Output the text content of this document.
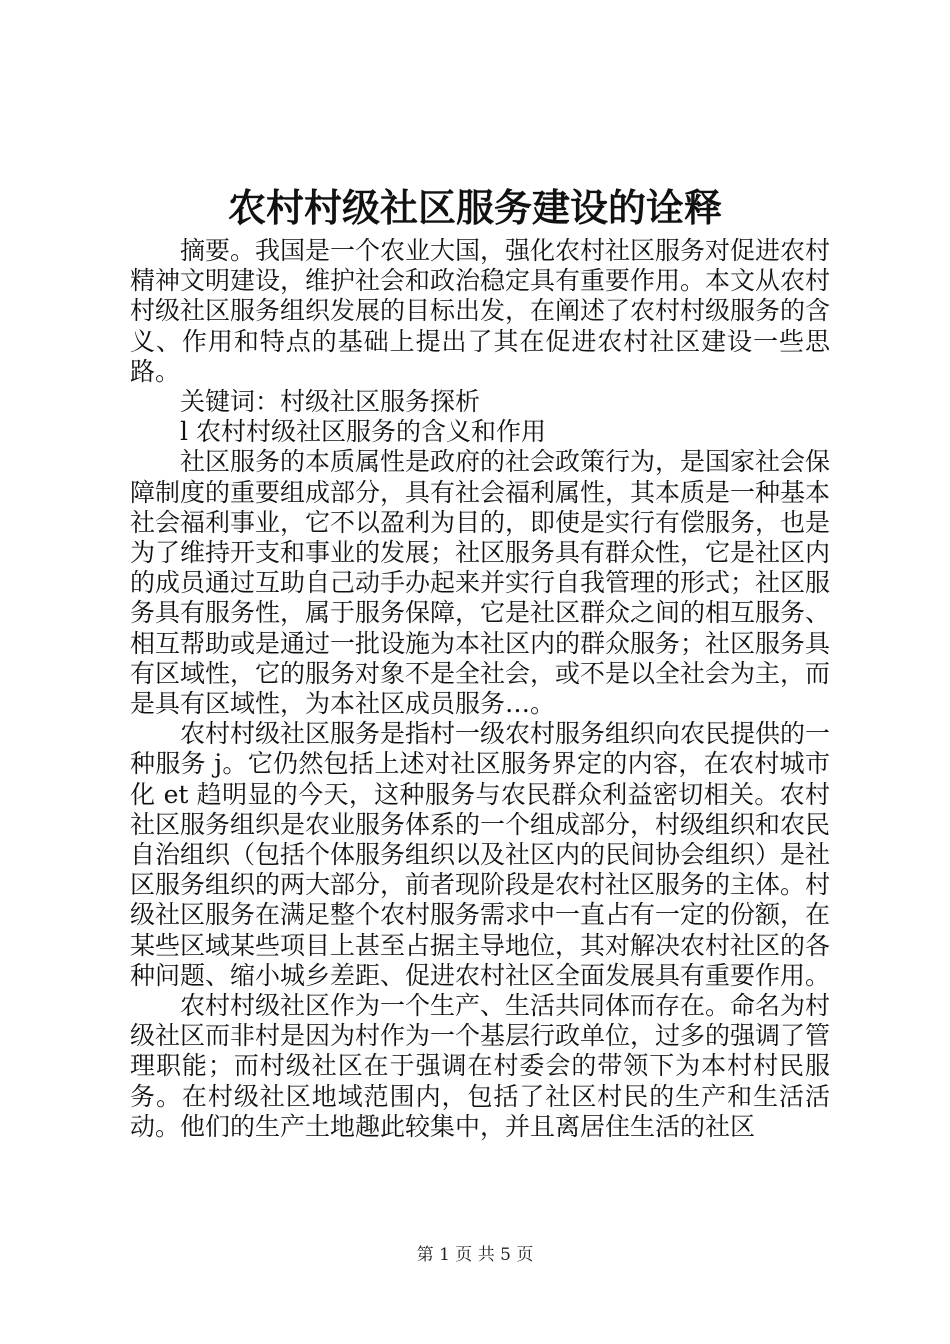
农村村级社区服务建设的诠释

摘要。我国是一个农业大国，强化农村社区服务对促进农村精神文明建设，维护社会和政治稳定具有重要作用。本文从农村村级社区服务组织发展的目标出发，在阐述了农村村级服务的含义、作用和特点的基础上提出了其在促进农村社区建设一些思路。

关键词：村级社区服务探析

l 农村村级社区服务的含义和作用

社区服务的本质属性是政府的社会政策行为，是国家社会保障制度的重要组成部分，具有社会福利属性，其本质是一种基本社会福利事业，它不以盈利为目的，即使是实行有偿服务，也是为了维持开支和事业的发展；社区服务具有群众性，它是社区内的成员通过互助自己动手办起来并实行自我管理的形式；社区服务具有服务性，属于服务保障，它是社区群众之间的相互服务、相互帮助或是通过一批设施为本社区内的群众服务；社区服务具有区域性，它的服务对象不是全社会，或不是以全社会为主，而是具有区域性，为本社区成员服务…。

农村村级社区服务是指村一级农村服务组织向农民提供的一种服务 j。它仍然包括上述对社区服务界定的内容，在农村城市化 et 趋明显的今天，这种服务与农民群众利益密切相关。农村社区服务组织是农业服务体系的一个组成部分，村级组织和农民自治组织（包括个体服务组织以及社区内的民间协会组织）是社区服务组织的两大部分，前者现阶段是农村社区服务的主体。村级社区服务在满足整个农村服务需求中一直占有一定的份额，在某些区域某些项目上甚至占据主导地位，其对解决农村社区的各种问题、缩小城乡差距、促进农村社区全面发展具有重要作用。

农村村级社区作为一个生产、生活共同体而存在。命名为村级社区而非村是因为村作为一个基层行政单位，过多的强调了管理职能；而村级社区在于强调在村委会的带领下为本村村民服务。在村级社区地域范围内，包括了社区村民的生产和生活活动。他们的生产土地趣此较集中，并且离居住生活的社区

第 1 页 共 5 页
